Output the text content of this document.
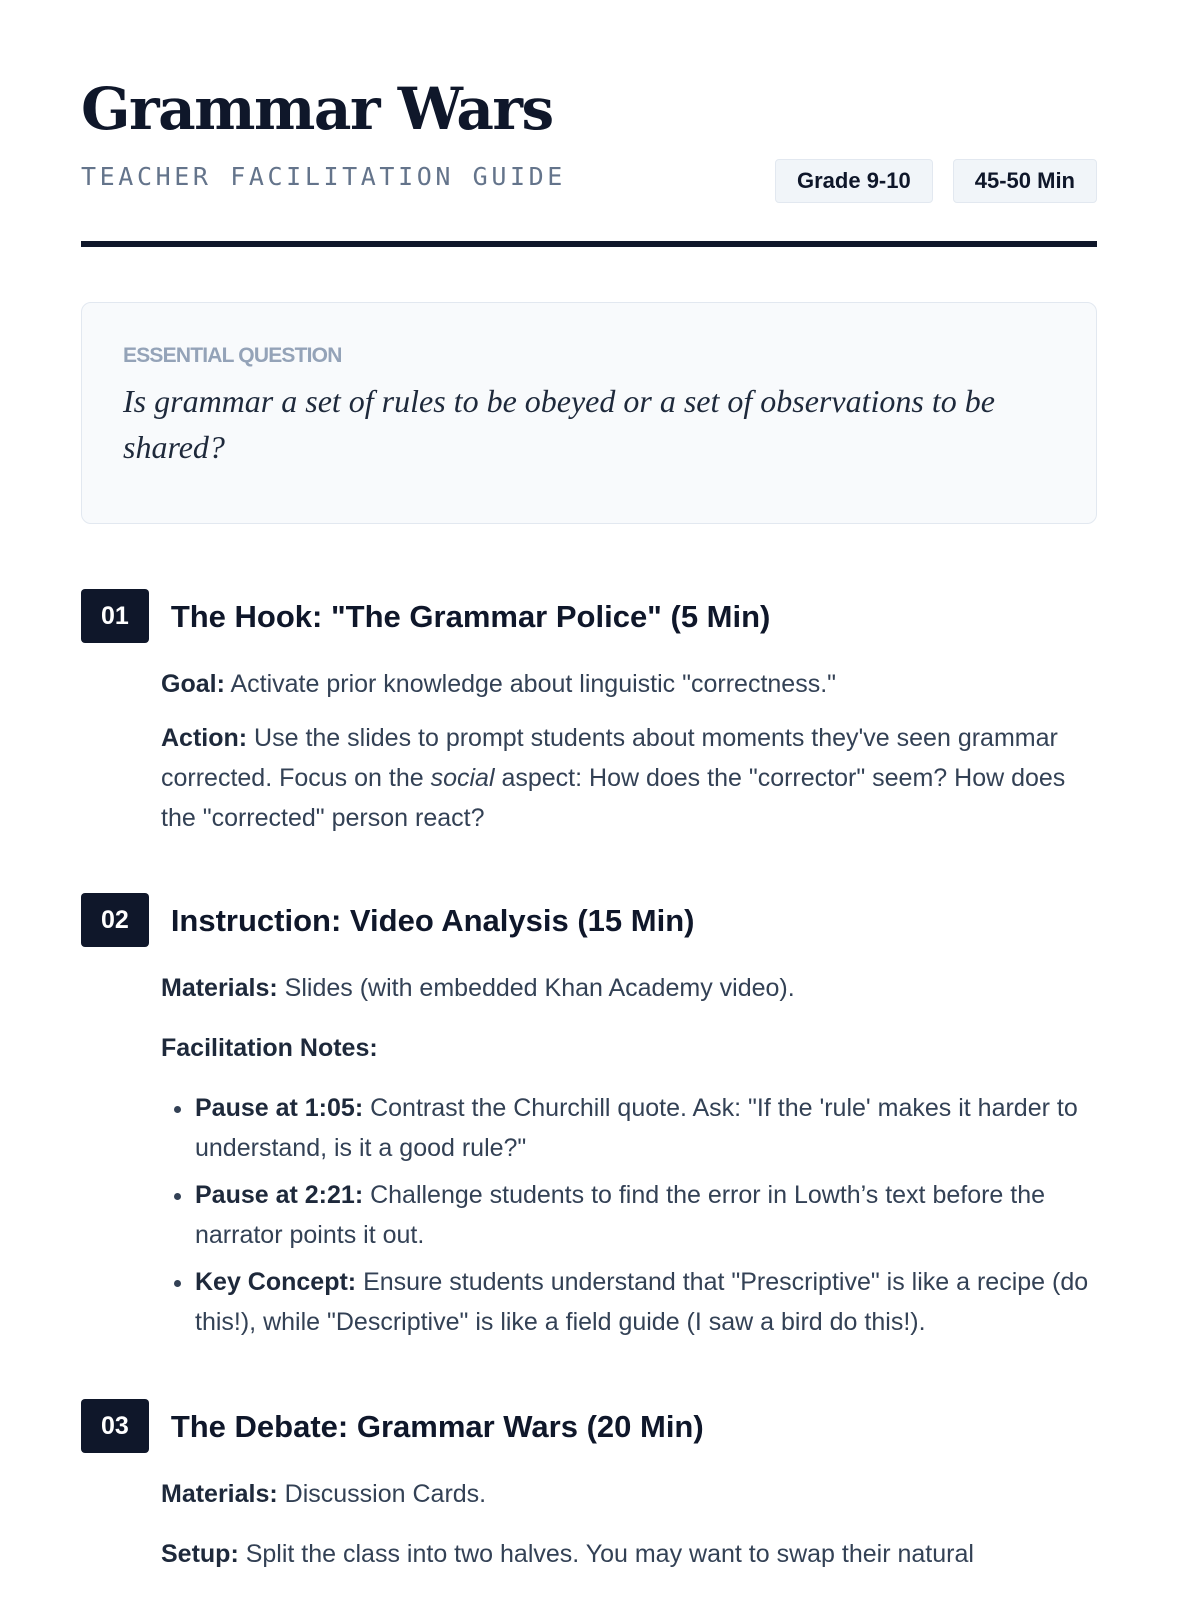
Grammar Wars
TEACHER FACILITATION GUIDE	Grade 9-10	45-50 Min

ESSENTIAL QUESTION

Is grammar a set of rules to be obeyed or a set of observations to be shared?

01	The Hook: "The Grammar Police" (5 Min)

Goal: Activate prior knowledge about linguistic "correctness."

Action: Use the slides to prompt students about moments they've seen grammar corrected. Focus on the social aspect: How does the "corrector" seem? How does the "corrected" person react?

02	Instruction: Video Analysis (15 Min)

Materials: Slides (with embedded Khan Academy video).

Facilitation Notes:

• Pause at 1:05: Contrast the Churchill quote. Ask: "If the 'rule' makes it harder to understand, is it a good rule?"
• Pause at 2:21: Challenge students to find the error in Lowth’s text before the narrator points it out.
• Key Concept: Ensure students understand that "Prescriptive" is like a recipe (do this!), while "Descriptive" is like a field guide (I saw a bird do this!).
03	The Debate: Grammar Wars (20 Min)

Materials: Discussion Cards.

Setup: Split the class into two halves. You may want to swap their natural
